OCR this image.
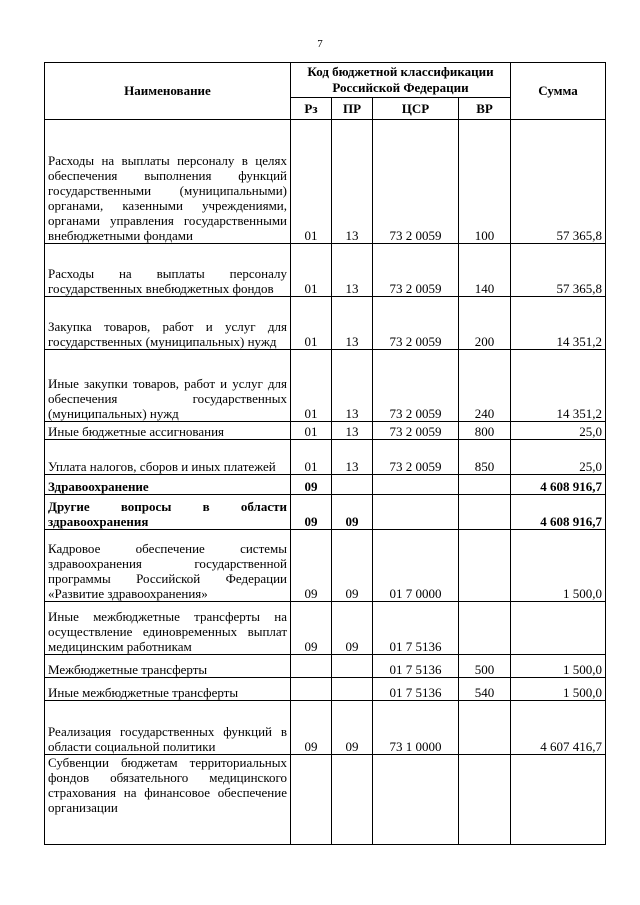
7
Наименование	Код бюджетной классификации Российской Федерации				Сумма
	Рз	ПР	ЦСР	ВР	
Расходы на выплаты персоналу в целях обеспечения выполнения функций государственными (муниципальными) органами, казенными учреждениями, органами управления государственными внебюджетными фондами	01	13	73 2 0059	100	57 365,8
Расходы на выплаты персоналу государственных внебюджетных фондов	01	13	73 2 0059	140	57 365,8
Закупка товаров, работ и услуг для государственных (муниципальных) нужд	01	13	73 2 0059	200	14 351,2
Иные закупки товаров, работ и услуг для обеспечения государственных (муниципальных) нужд	01	13	73 2 0059	240	14 351,2
Иные бюджетные ассигнования	01	13	73 2 0059	800	25,0
Уплата налогов, сборов и иных платежей	01	13	73 2 0059	850	25,0
Здравоохранение	09				4 608 916,7
Другие вопросы в области здравоохранения	09	09			4 608 916,7
Кадровое обеспечение системы здравоохранения государственной программы Российской Федерации «Развитие здравоохранения»	09	09	01 7 0000		1 500,0
Иные межбюджетные трансферты на осуществление единовременных выплат медицинским работникам	09	09	01 7 5136		
Межбюджетные трансферты			01 7 5136	500	1 500,0
Иные межбюджетные трансферты			01 7 5136	540	1 500,0
Реализация государственных функций в области социальной политики	09	09	73 1 0000		4 607 416,7
Субвенции бюджетам территориальных фондов обязательного медицинского страхования на финансовое обеспечение организации					
